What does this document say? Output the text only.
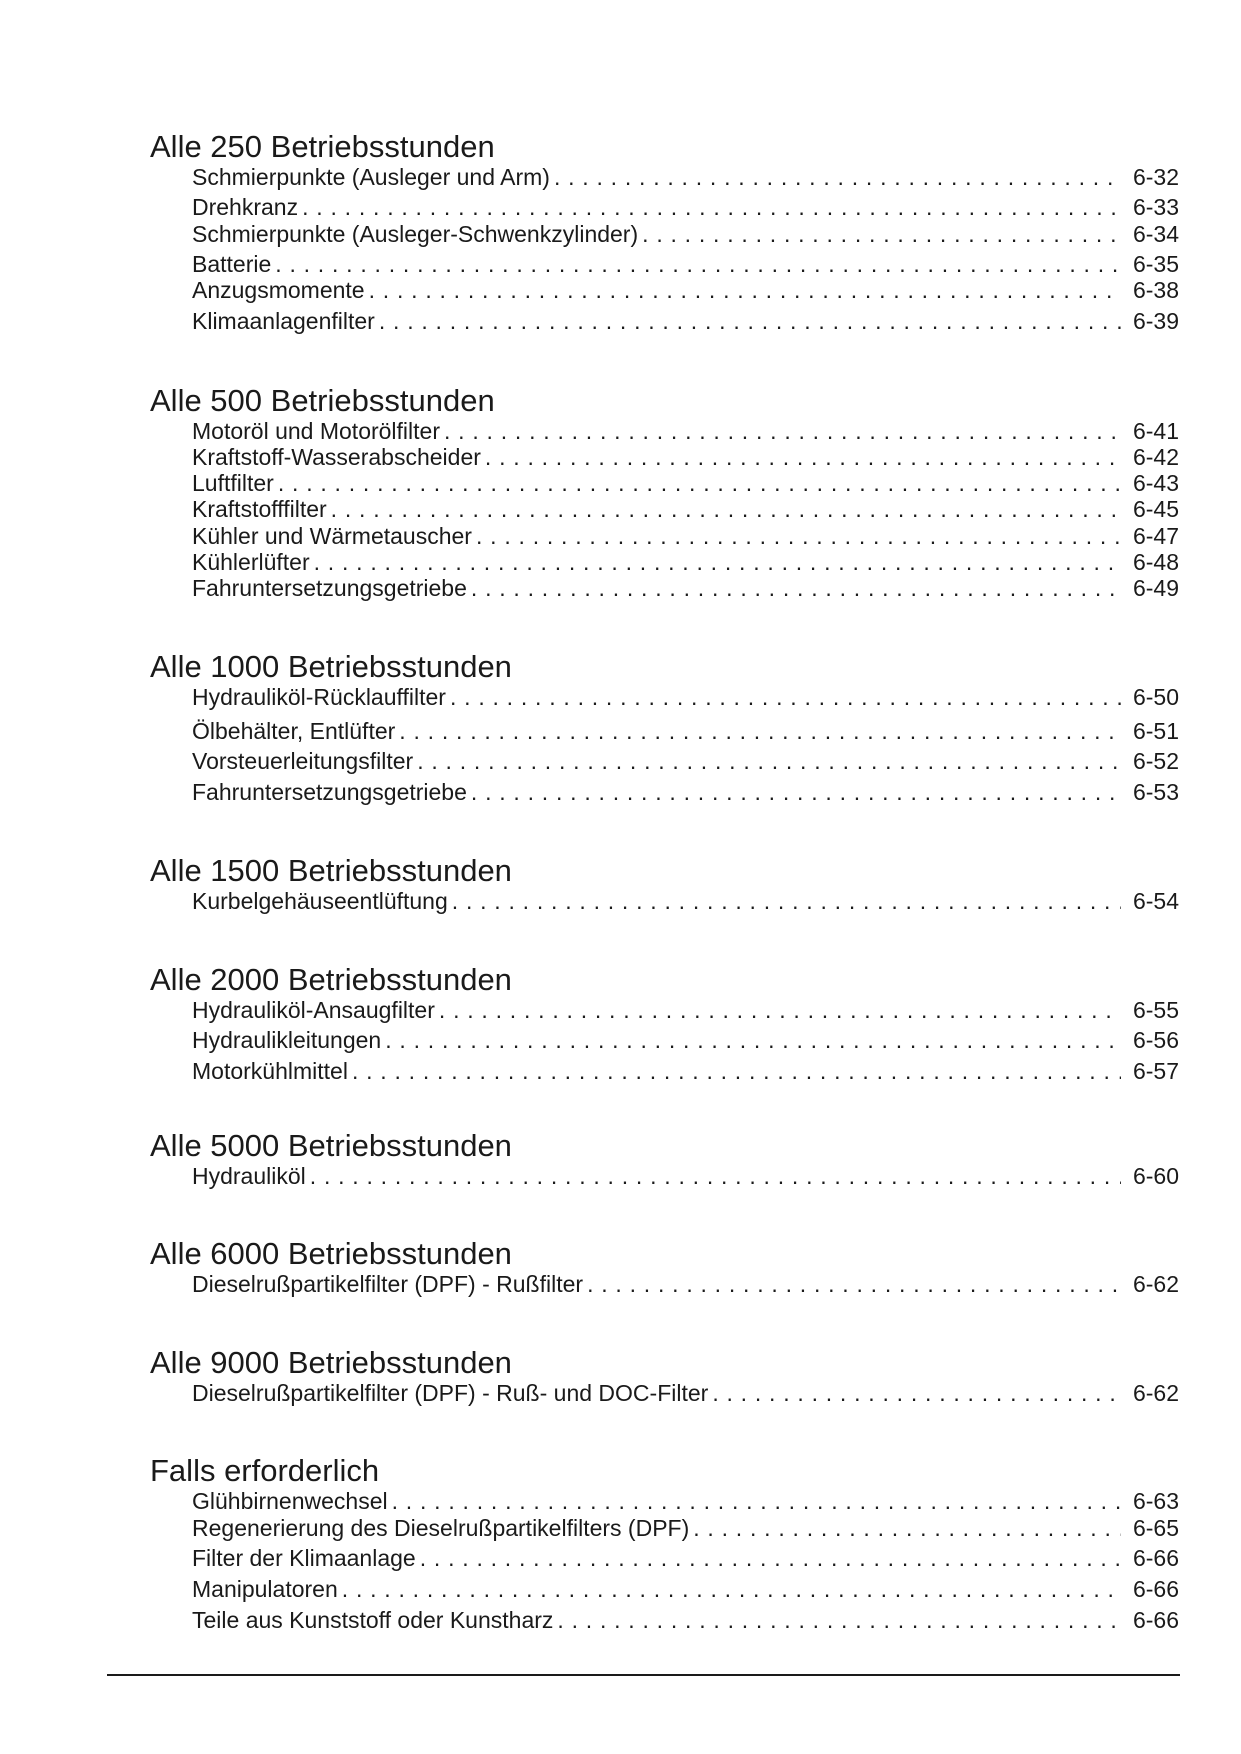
Alle 250 Betriebsstunden
Schmierpunkte (Ausleger und Arm) . . .	6-32
Drehkranz . . .	6-33
Schmierpunkte (Ausleger-Schwenkzylinder) . . .	6-34
Batterie . . .	6-35
Anzugsmomente . . .	6-38
Klimaanlagenfilter . . .	6-39
Alle 500 Betriebsstunden
Motoröl und Motorölfilter . . .	6-41
Kraftstoff-Wasserabscheider . . .	6-42
Luftfilter . . .	6-43
Kraftstofffilter . . .	6-45
Kühler und Wärmetauscher . . .	6-47
Kühlerlüfter . . .	6-48
Fahruntersetzungsgetriebe . . .	6-49
Alle 1000 Betriebsstunden
Hydrauliköl-Rücklauffilter . . .	6-50
Ölbehälter, Entlüfter . . .	6-51
Vorsteuerleitungsfilter . . .	6-52
Fahruntersetzungsgetriebe . . .	6-53
Alle 1500 Betriebsstunden
Kurbelgehäuseentlüftung . . .	6-54
Alle 2000 Betriebsstunden
Hydrauliköl-Ansaugfilter . . .	6-55
Hydraulikleitungen . . .	6-56
Motorkühlmittel . . .	6-57
Alle 5000 Betriebsstunden
Hydrauliköl . . .	6-60
Alle 6000 Betriebsstunden
Dieselrußpartikelfilter (DPF) - Rußfilter . . .	6-62
Alle 9000 Betriebsstunden
Dieselrußpartikelfilter (DPF) - Ruß- und DOC-Filter . . .	6-62
Falls erforderlich
Glühbirnenwechsel . . .	6-63
Regenerierung des Dieselrußpartikelfilters (DPF) . . .	6-65
Filter der Klimaanlage . . .	6-66
Manipulatoren . . .	6-66
Teile aus Kunststoff oder Kunstharz . . .	6-66
